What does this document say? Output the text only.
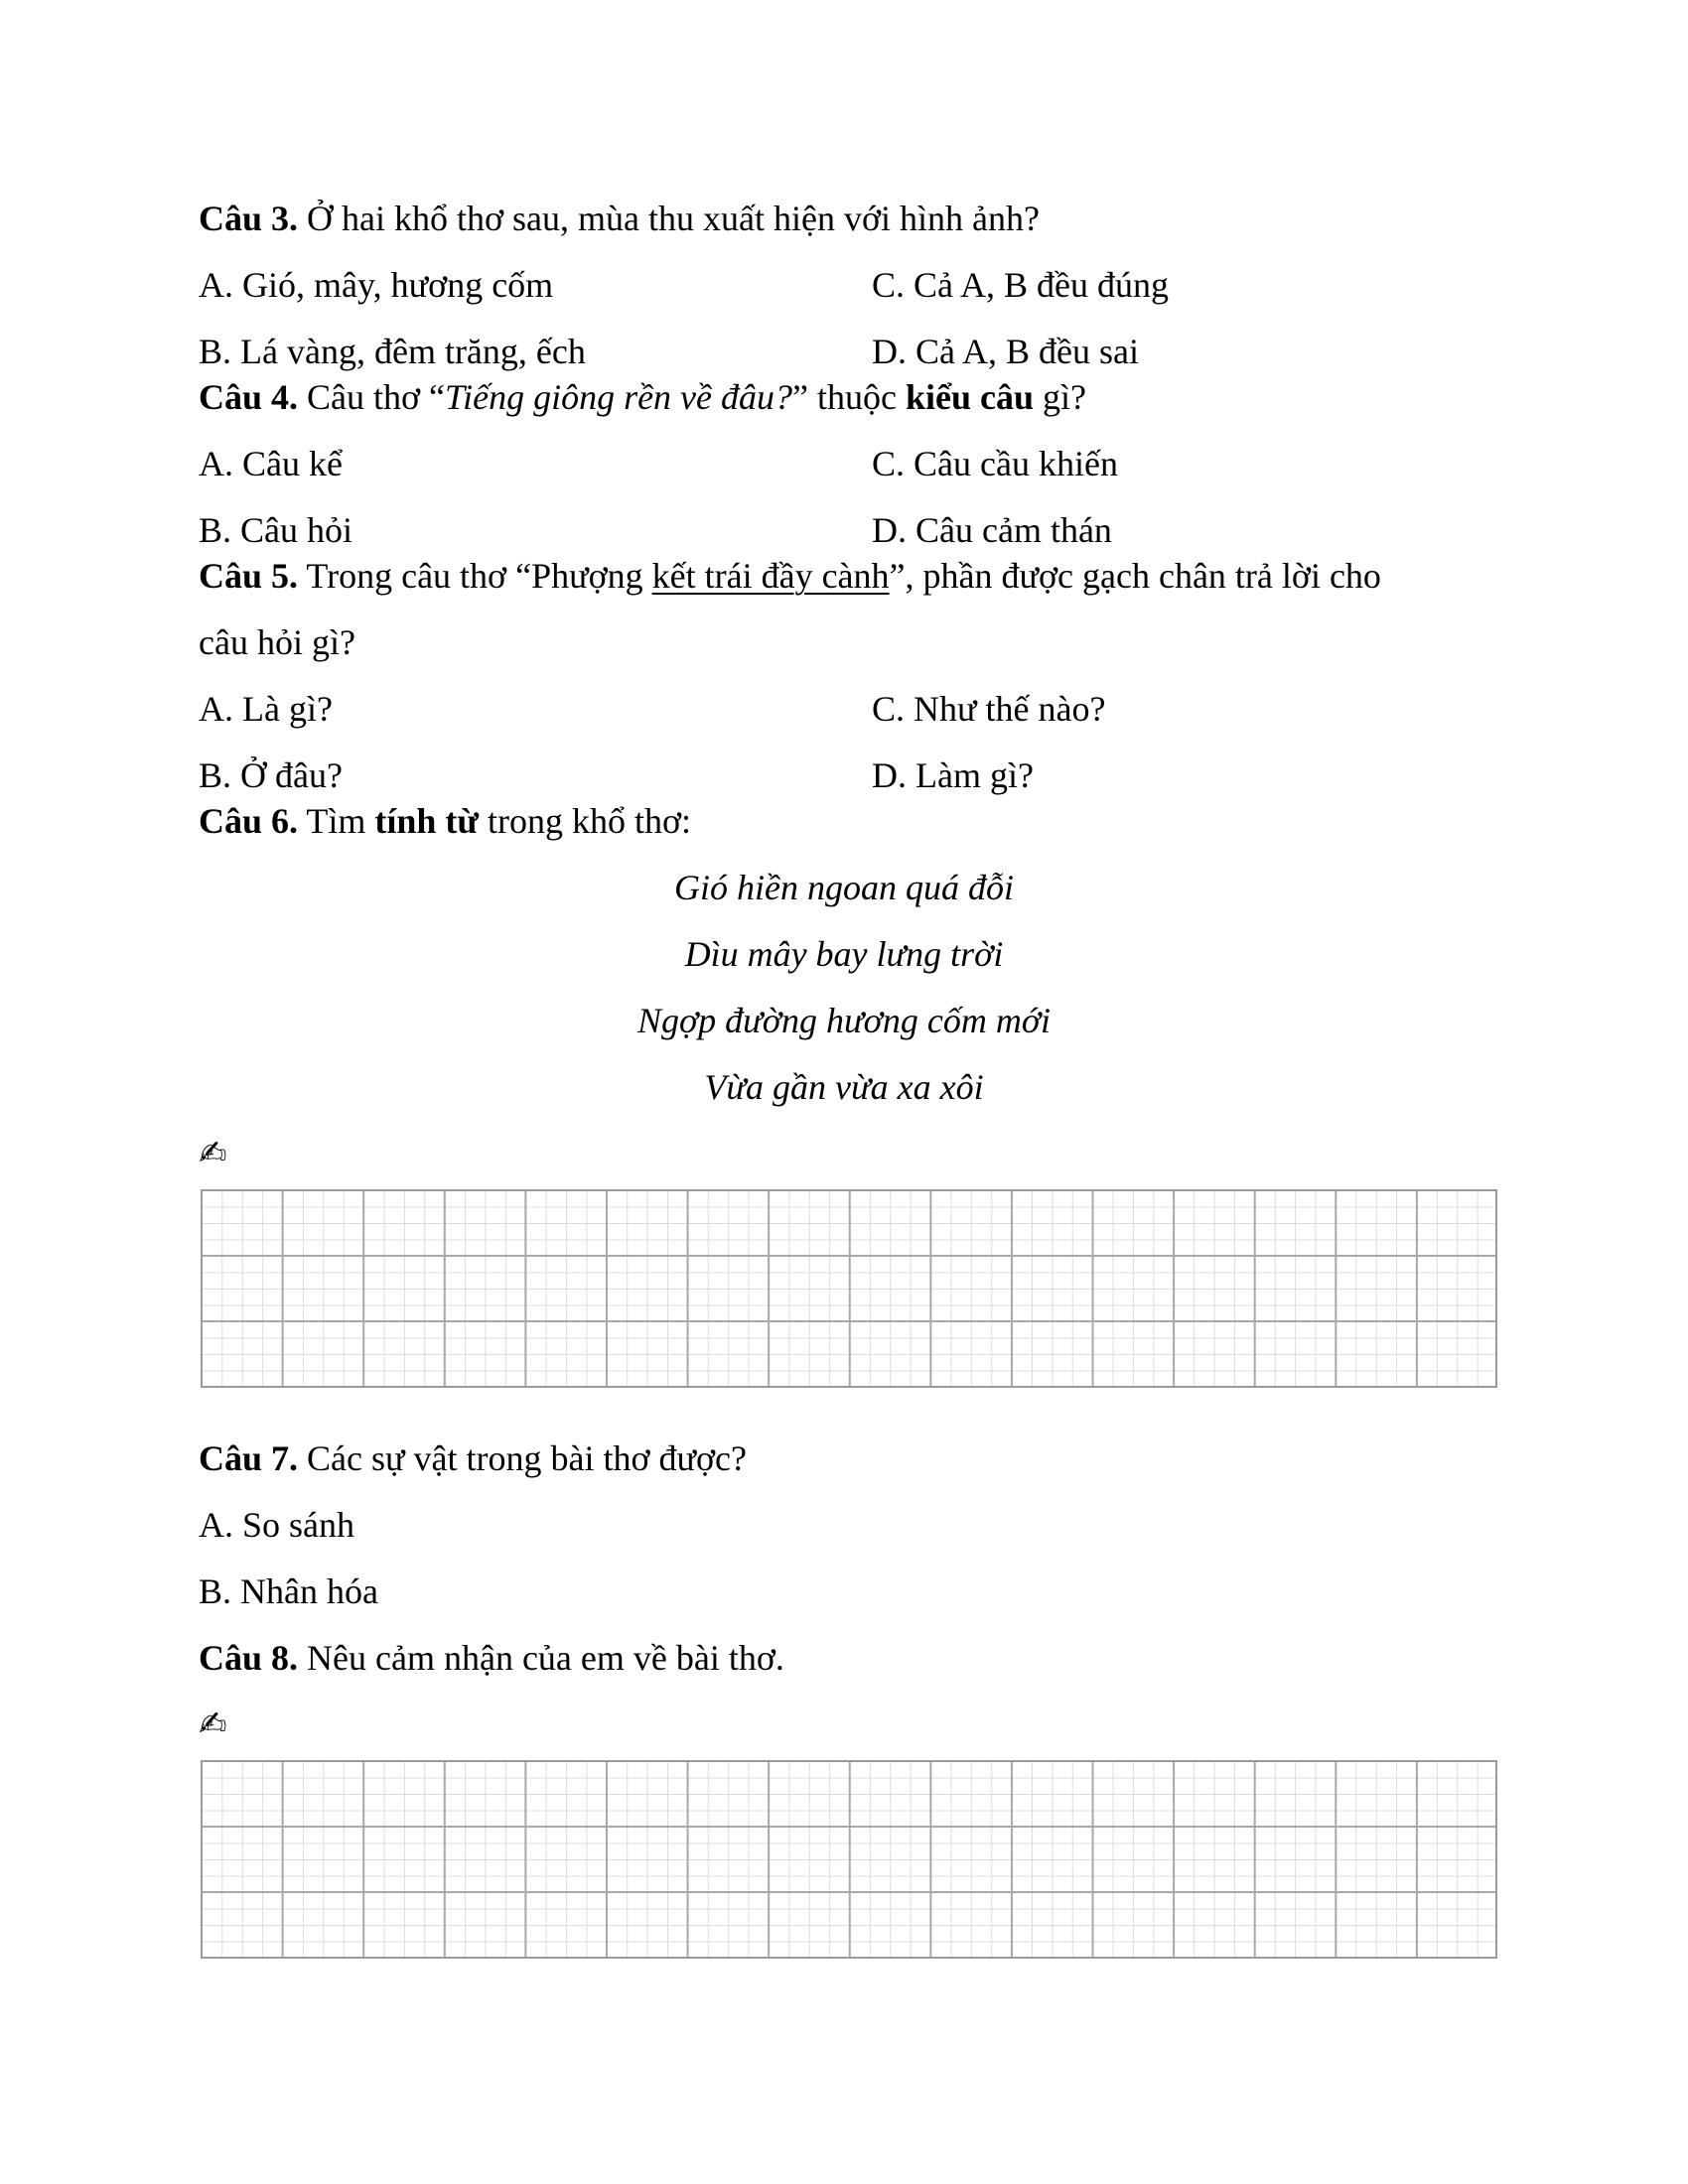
Câu 3. Ở hai khổ thơ sau, mùa thu xuất hiện với hình ảnh?
A. Gió, mây, hương cốm	C. Cả A, B đều đúng
B. Lá vàng, đêm trăng, ếch	D. Cả A, B đều sai
Câu 4. Câu thơ “Tiếng giông rền về đâu?” thuộc kiểu câu gì?
A. Câu kể	C. Câu cầu khiến
B. Câu hỏi	D. Câu cảm thán
Câu 5. Trong câu thơ “Phượng kết trái đầy cành”, phần được gạch chân trả lời cho
câu hỏi gì?
A. Là gì?	C. Như thế nào?
B. Ở đâu?	D. Làm gì?
Câu 6. Tìm tính từ trong khổ thơ:
Gió hiền ngoan quá đỗi
Dìu mây bay lưng trời
Ngợp đường hương cốm mới
Vừa gần vừa xa xôi
✍
Câu 7. Các sự vật trong bài thơ được?
A. So sánh
B. Nhân hóa
Câu 8. Nêu cảm nhận của em về bài thơ.
✍
